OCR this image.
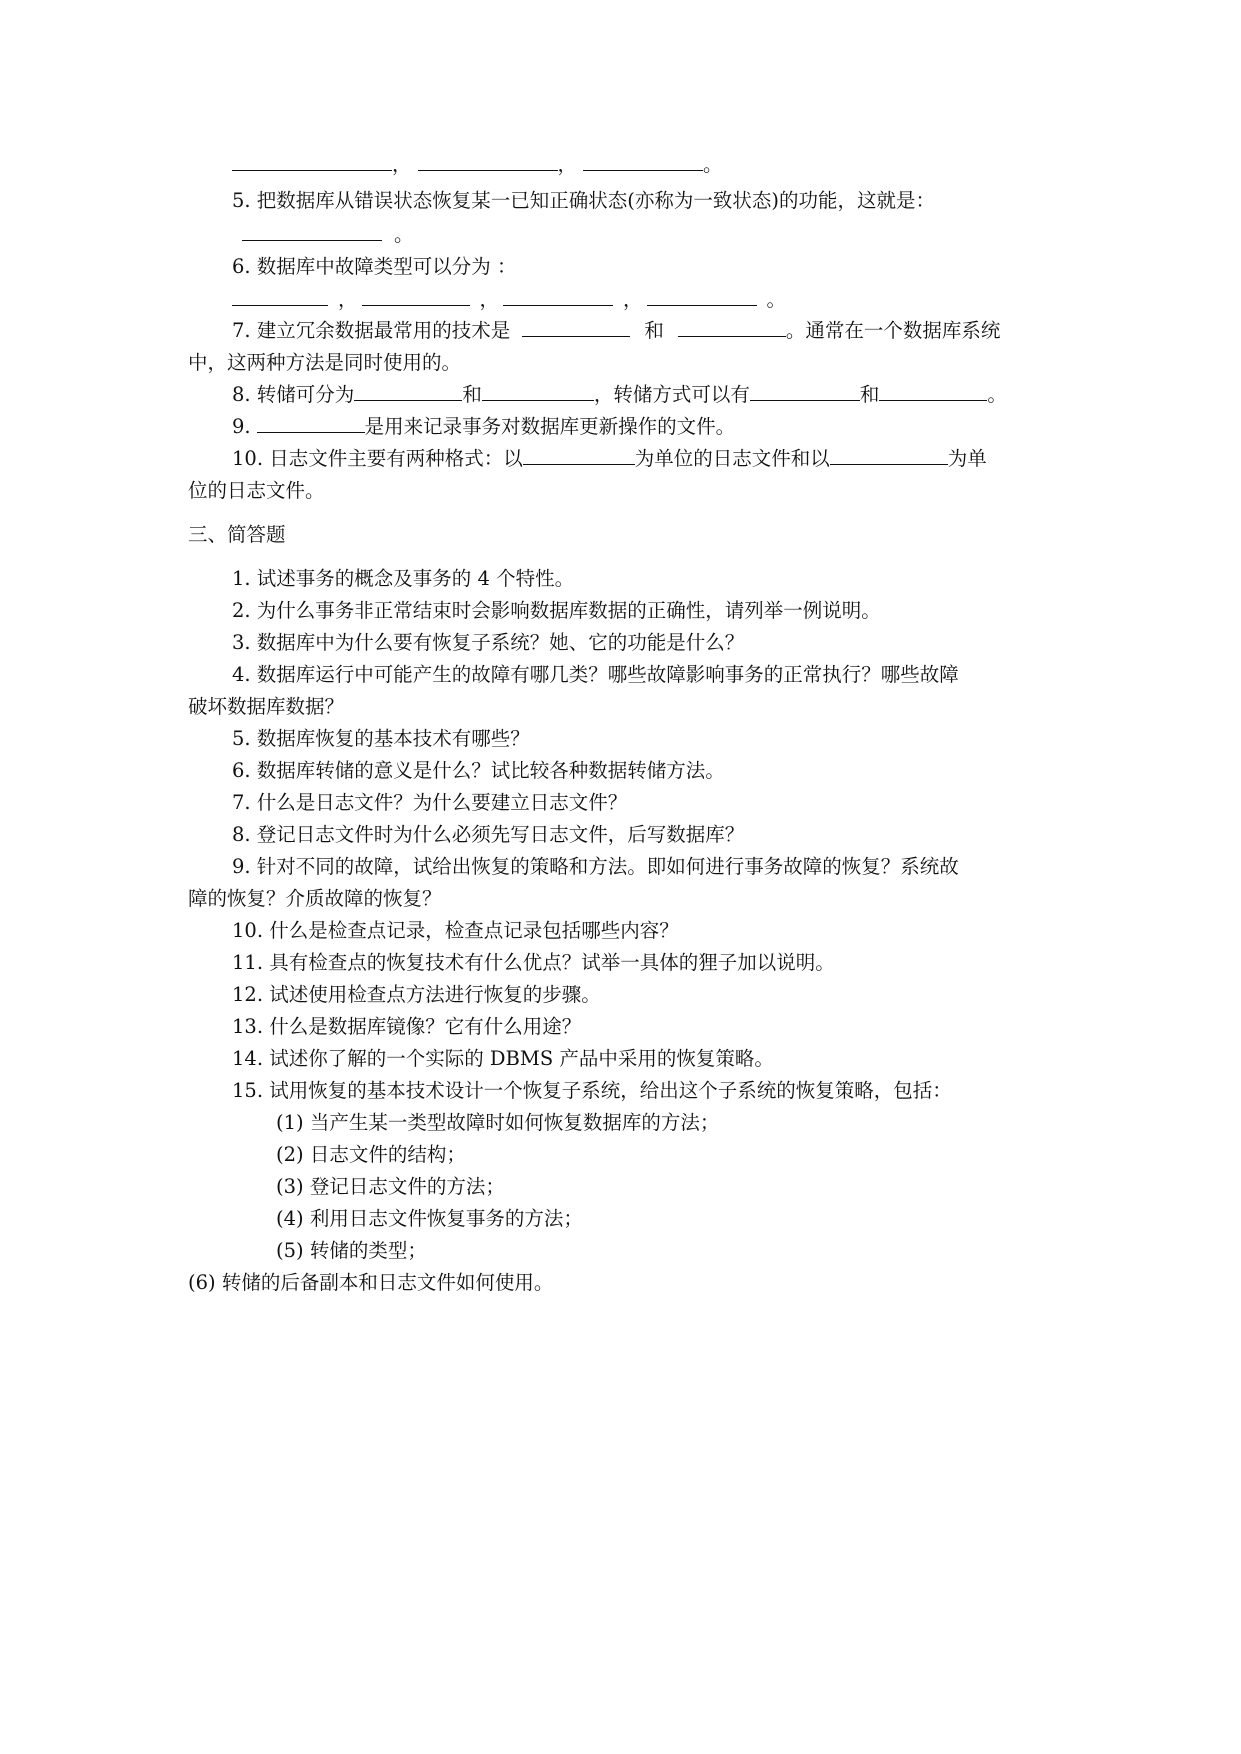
，	，	。
5. 把数据库从错误状态恢复某一已知正确状态(亦称为一致状态)的功能，这就是：
。
6. 数据库中故障类型可以分为 ：
，	，	，	。
7. 建立冗余数据最常用的技术是	和	。通常在一个数据库系统
中，这两种方法是同时使用的。
8. 转储可分为	和	，转储方式可以有	和	。
9.	是用来记录事务对数据库更新操作的文件。
10. 日志文件主要有两种格式：以	为单位的日志文件和以	为单
位的日志文件。
三、简答题
1. 试述事务的概念及事务的 4 个特性。
2. 为什么事务非正常结束时会影响数据库数据的正确性，请列举一例说明。
3. 数据库中为什么要有恢复子系统？她、它的功能是什么？
4. 数据库运行中可能产生的故障有哪几类？哪些故障影响事务的正常执行？哪些故障
破坏数据库数据？
5. 数据库恢复的基本技术有哪些？
6. 数据库转储的意义是什么？试比较各种数据转储方法。
7. 什么是日志文件？为什么要建立日志文件？
8. 登记日志文件时为什么必须先写日志文件，后写数据库？
9. 针对不同的故障，试给出恢复的策略和方法。即如何进行事务故障的恢复？系统故
障的恢复？介质故障的恢复？
10. 什么是检查点记录，检查点记录包括哪些内容？
11. 具有检查点的恢复技术有什么优点？试举一具体的狸子加以说明。
12. 试述使用检查点方法进行恢复的步骤。
13. 什么是数据库镜像？它有什么用途？
14. 试述你了解的一个实际的 DBMS 产品中采用的恢复策略。
15. 试用恢复的基本技术设计一个恢复子系统，给出这个子系统的恢复策略，包括：
(1) 当产生某一类型故障时如何恢复数据库的方法；
(2) 日志文件的结构；
(3) 登记日志文件的方法；
(4) 利用日志文件恢复事务的方法；
(5) 转储的类型；
(6) 转储的后备副本和日志文件如何使用。
